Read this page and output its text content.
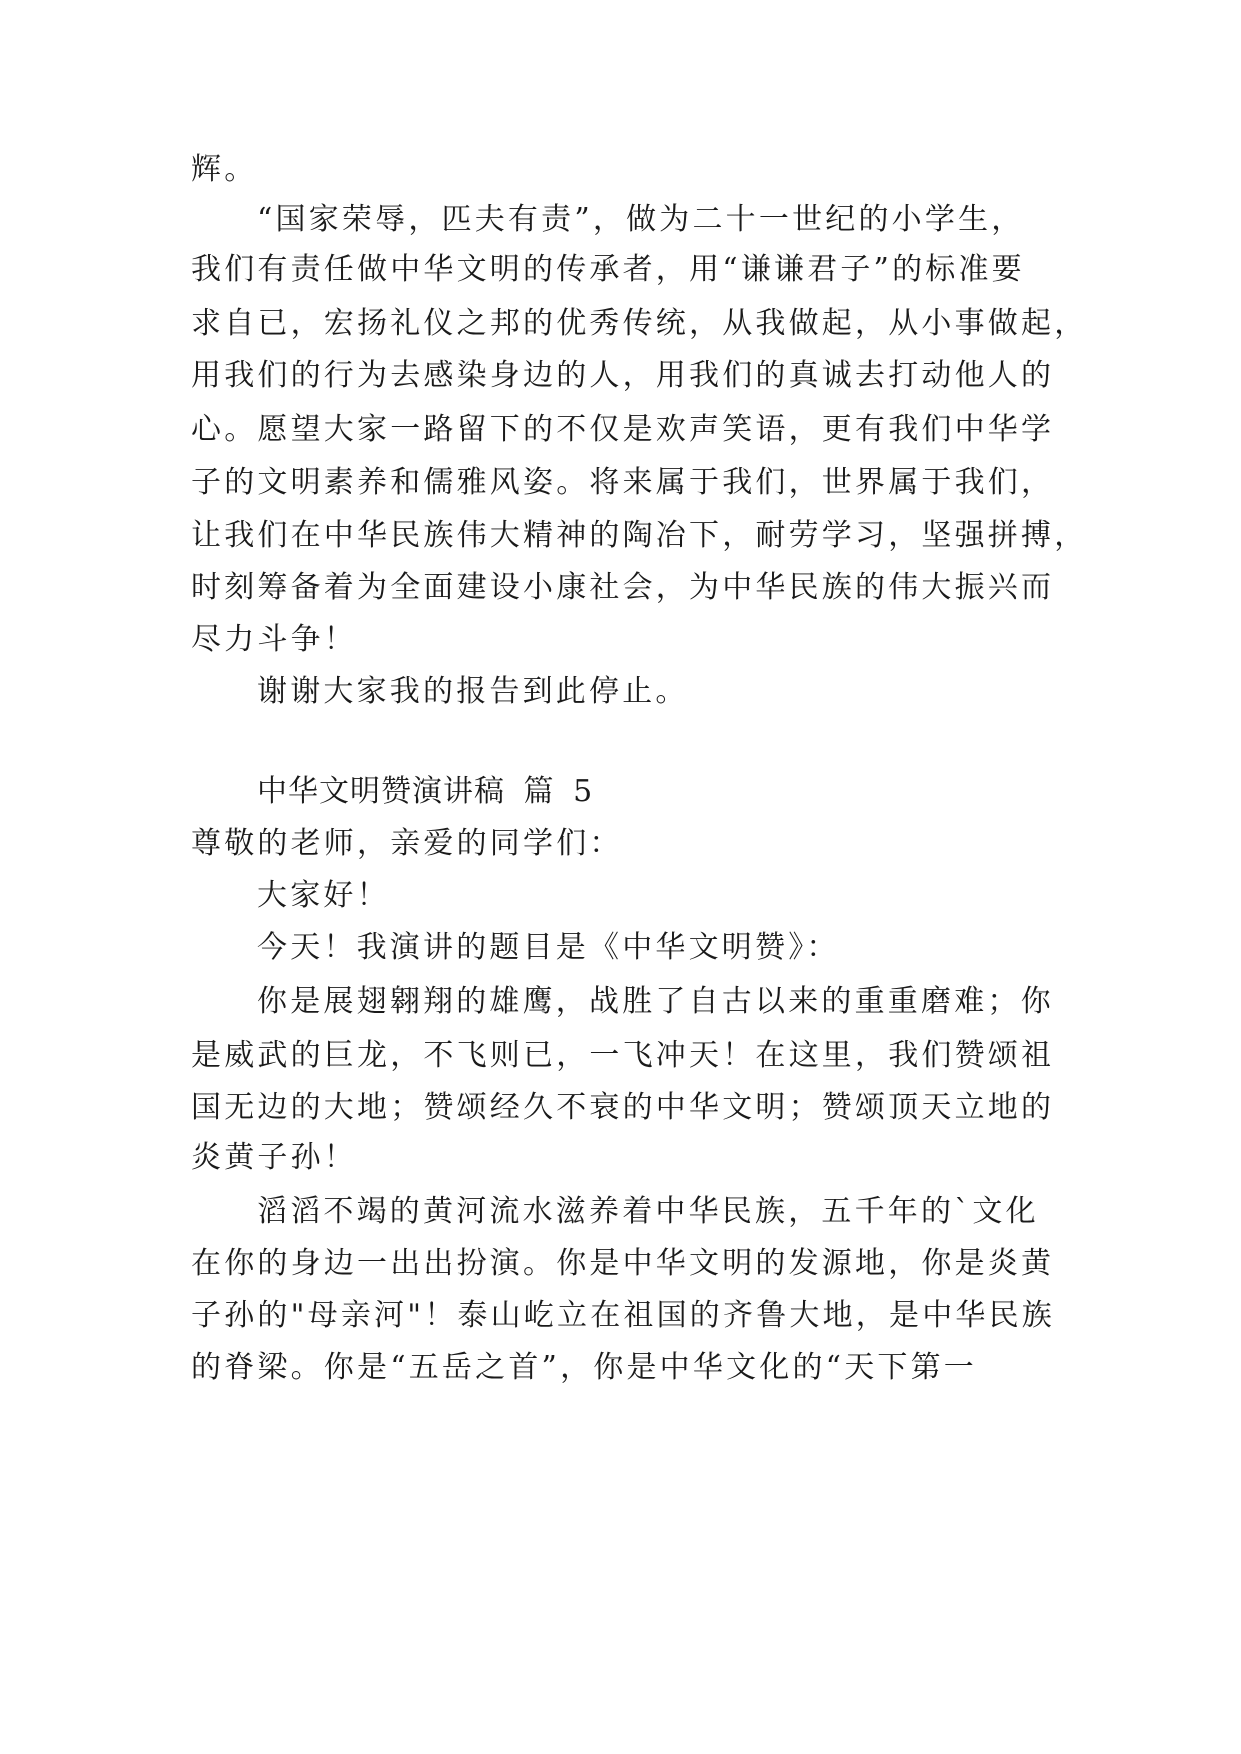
辉。
“国家荣辱，匹夫有责”，做为二十一世纪的小学生，
我们有责任做中华文明的传承者，用“谦谦君子”的标准要
求自已，宏扬礼仪之邦的优秀传统，从我做起，从小事做起，
用我们的行为去感染身边的人，用我们的真诚去打动他人的
心。愿望大家一路留下的不仅是欢声笑语，更有我们中华学
子的文明素养和儒雅风姿。将来属于我们，世界属于我们，
让我们在中华民族伟大精神的陶冶下，耐劳学习，坚强拼搏，
时刻筹备着为全面建设小康社会，为中华民族的伟大振兴而
尽力斗争！
谢谢大家我的报告到此停止。
中华文明赞演讲稿 篇 5
尊敬的老师，亲爱的同学们：
大家好！
今天！我演讲的题目是《中华文明赞》：
你是展翅翱翔的雄鹰，战胜了自古以来的重重磨难；你
是威武的巨龙，不飞则已，一飞冲天！在这里，我们赞颂祖
国无边的大地；赞颂经久不衰的中华文明；赞颂顶天立地的
炎黄子孙！
滔滔不竭的黄河流水滋养着中华民族，五千年的`文化
在你的身边一出出扮演。你是中华文明的发源地，你是炎黄
子孙的"母亲河"！泰山屹立在祖国的齐鲁大地，是中华民族
的脊梁。你是“五岳之首”，你是中华文化的“天下第一
